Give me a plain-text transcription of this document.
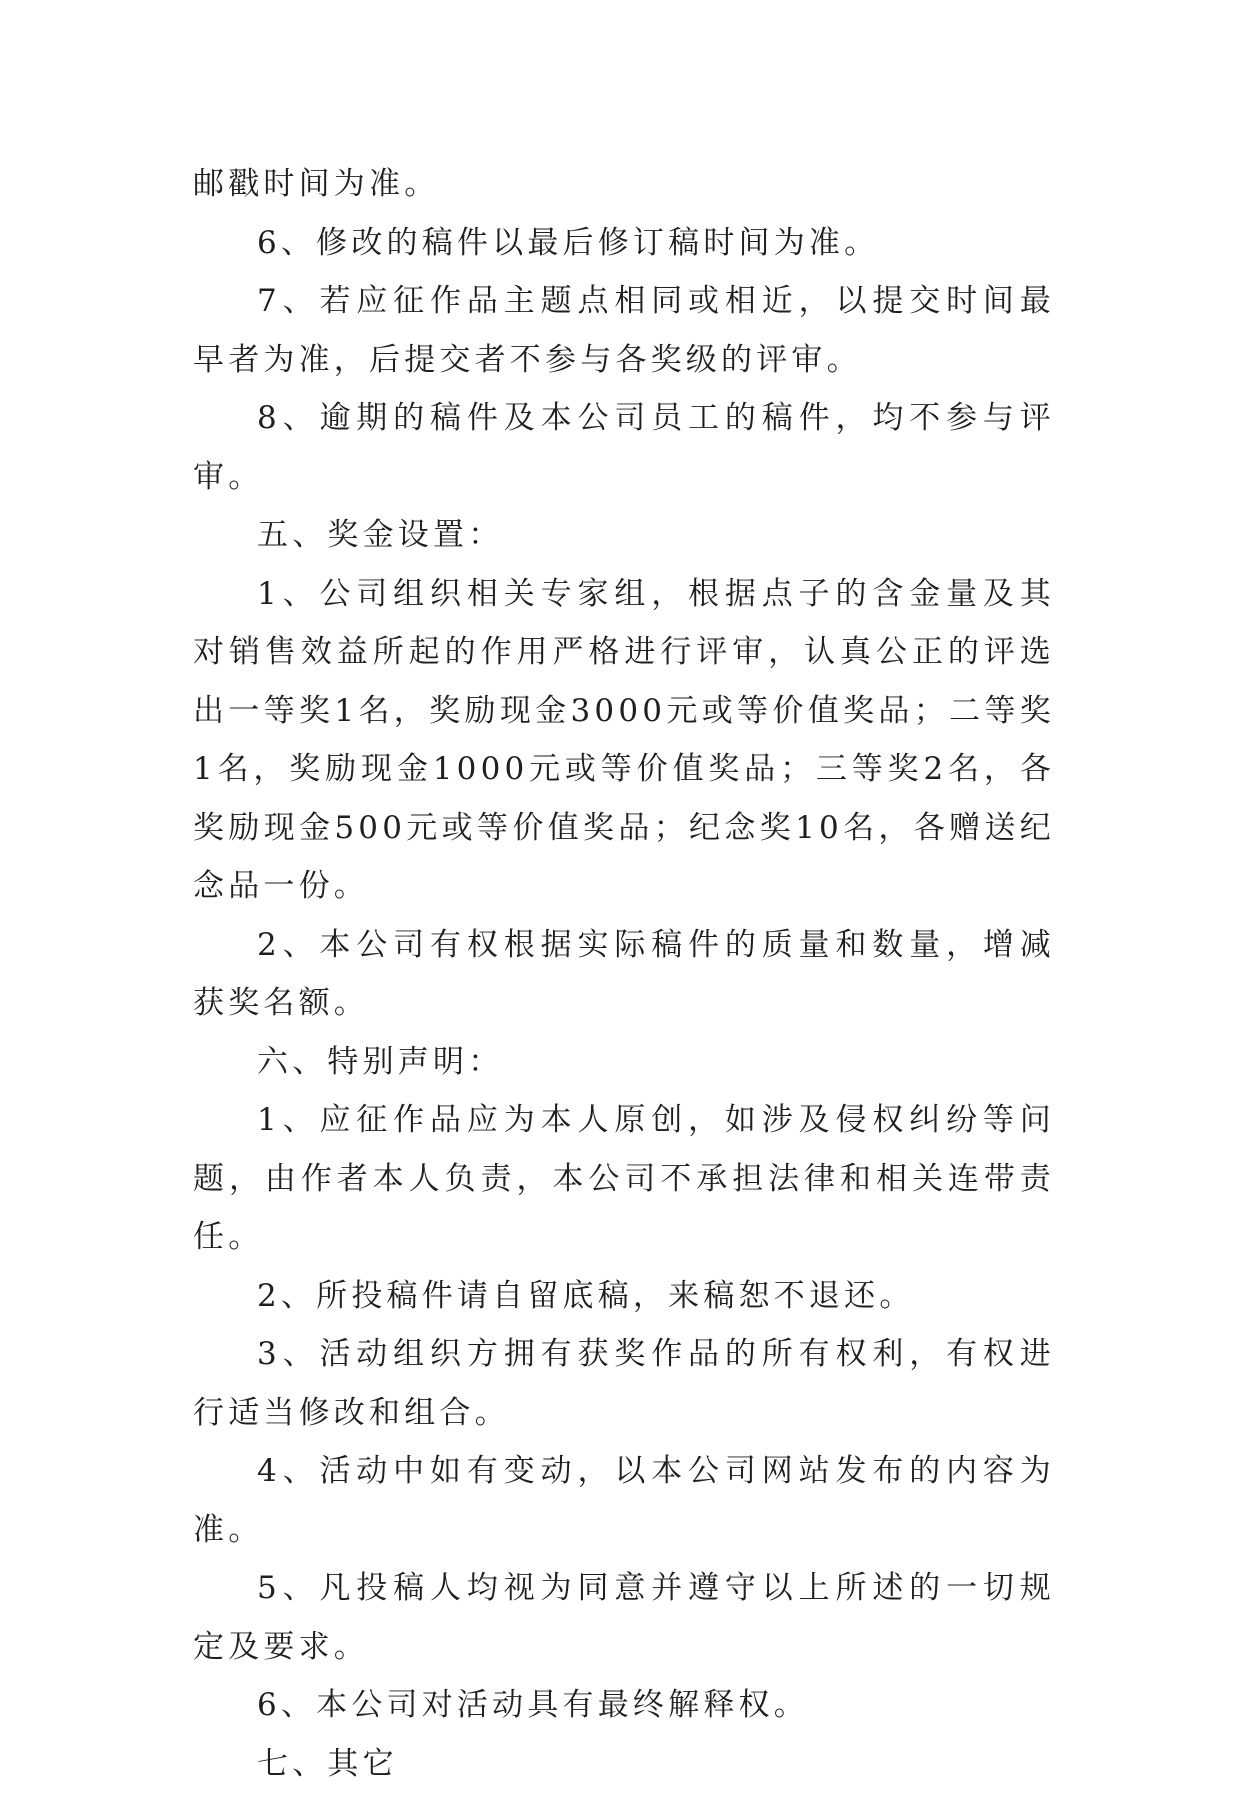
邮戳时间为准。

6、修改的稿件以最后修订稿时间为准。

7、若应征作品主题点相同或相近，以提交时间最早者为准，后提交者不参与各奖级的评审。

8、逾期的稿件及本公司员工的稿件，均不参与评审。

五、奖金设置：

1、公司组织相关专家组，根据点子的含金量及其对销售效益所起的作用严格进行评审，认真公正的评选出一等奖1名，奖励现金3000元或等价值奖品；二等奖1名，奖励现金1000元或等价值奖品；三等奖2名，各奖励现金500元或等价值奖品；纪念奖10名，各赠送纪念品一份。

2、本公司有权根据实际稿件的质量和数量，增减获奖名额。

六、特别声明：

1、应征作品应为本人原创，如涉及侵权纠纷等问题，由作者本人负责，本公司不承担法律和相关连带责任。

2、所投稿件请自留底稿，来稿恕不退还。

3、活动组织方拥有获奖作品的所有权利，有权进行适当修改和组合。

4、活动中如有变动，以本公司网站发布的内容为准。

5、凡投稿人均视为同意并遵守以上所述的一切规定及要求。

6、本公司对活动具有最终解释权。

七、其它
